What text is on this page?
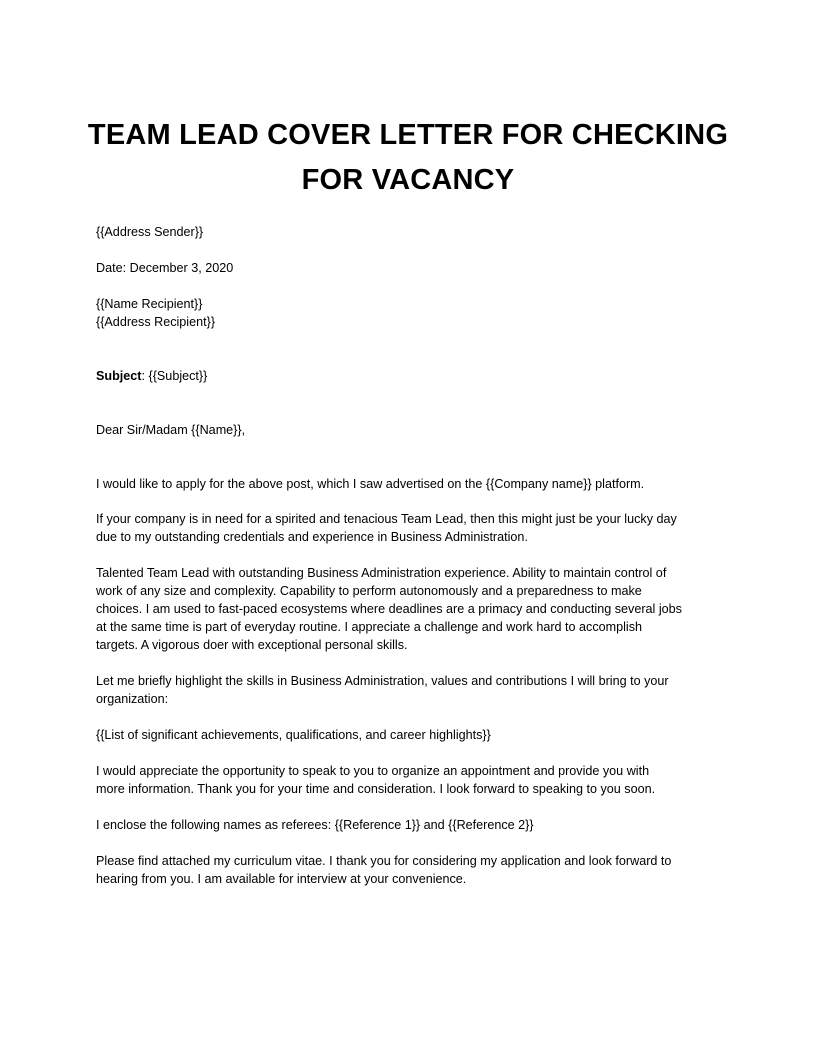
TEAM LEAD COVER LETTER FOR CHECKING
FOR VACANCY
{{Address Sender}}
Date: December 3, 2020
{{Name Recipient}}
{{Address Recipient}}
Subject: {{Subject}}
Dear Sir/Madam {{Name}},
I would like to apply for the above post, which I saw advertised on the {{Company name}} platform.
If your company is in need for a spirited and tenacious Team Lead, then this might just be your lucky day
due to my outstanding credentials and experience in Business Administration.
Talented Team Lead with outstanding Business Administration experience. Ability to maintain control of
work of any size and complexity. Capability to perform autonomously and a preparedness to make
choices. I am used to fast-paced ecosystems where deadlines are a primacy and conducting several jobs
at the same time is part of everyday routine. I appreciate a challenge and work hard to accomplish
targets. A vigorous doer with exceptional personal skills.
Let me briefly highlight the skills in Business Administration, values and contributions I will bring to your
organization:
{{List of significant achievements, qualifications, and career highlights}}
I would appreciate the opportunity to speak to you to organize an appointment and provide you with
more information. Thank you for your time and consideration. I look forward to speaking to you soon.
I enclose the following names as referees: {{Reference 1}} and {{Reference 2}}
Please find attached my curriculum vitae. I thank you for considering my application and look forward to
hearing from you. I am available for interview at your convenience.
